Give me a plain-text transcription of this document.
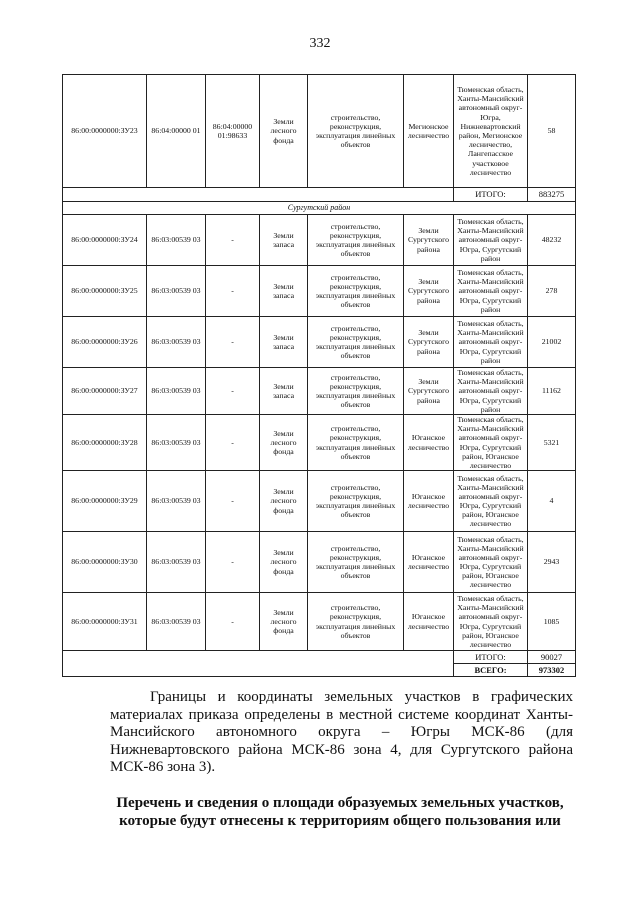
332
86:00:0000000:ЗУ23	86:04:00000 01	86:04:00000 01:98633	Земли лесного фонда	строительство, реконструкция, эксплуатация линейных объектов	Мегионское лесничество	Тюменская область, Ханты-Мансийский автономный округ-Югра, Нижневартовский район, Мегионское лесничество, Лангепасское участковое лесничество	58
						ИТОГО:	883275
Сургутский район							
86:00:0000000:ЗУ24	86:03:00539 03	-	Земли запаса	строительство, реконструкция, эксплуатация линейных объектов	Земли Сургутского района	Тюменская область, Ханты-Мансийский автономный округ-Югра, Сургутский район	48232
86:00:0000000:ЗУ25	86:03:00539 03	-	Земли запаса	строительство, реконструкция, эксплуатация линейных объектов	Земли Сургутского района	Тюменская область, Ханты-Мансийский автономный округ-Югра, Сургутский район	278
86:00:0000000:ЗУ26	86:03:00539 03	-	Земли запаса	строительство, реконструкция, эксплуатация линейных объектов	Земли Сургутского района	Тюменская область, Ханты-Мансийский автономный округ-Югра, Сургутский район	21002
86:00:0000000:ЗУ27	86:03:00539 03	-	Земли запаса	строительство, реконструкция, эксплуатация линейных объектов	Земли Сургутского района	Тюменская область, Ханты-Мансийский автономный округ-Югра, Сургутский район	11162
86:00:0000000:ЗУ28	86:03:00539 03	-	Земли лесного фонда	строительство, реконструкция, эксплуатация линейных объектов	Юганское лесничество	Тюменская область, Ханты-Мансийский автономный округ-Югра, Сургутский район, Юганское лесничество	5321
86:00:0000000:ЗУ29	86:03:00539 03	-	Земли лесного фонда	строительство, реконструкция, эксплуатация линейных объектов	Юганское лесничество	Тюменская область, Ханты-Мансийский автономный округ-Югра, Сургутский район, Юганское лесничество	4
86:00:0000000:ЗУ30	86:03:00539 03	-	Земли лесного фонда	строительство, реконструкция, эксплуатация линейных объектов	Юганское лесничество	Тюменская область, Ханты-Мансийский автономный округ-Югра, Сургутский район, Юганское лесничество	2943
86:00:0000000:ЗУ31	86:03:00539 03	-	Земли лесного фонда	строительство, реконструкция, эксплуатация линейных объектов	Юганское лесничество	Тюменская область, Ханты-Мансийский автономный округ-Югра, Сургутский район, Юганское лесничество	1085
						ИТОГО:	90027
						ВСЕГО:	973302
Границы и координаты земельных участков в графических материалах приказа определены в местной системе координат Ханты-Мансийского автономного округа – Югры МСК-86 (для Нижневартовского района МСК-86 зона 4, для Сургутского района МСК-86 зона 3).
Перечень и сведения о площади образуемых земельных участков, которые будут отнесены к территориям общего пользования или
